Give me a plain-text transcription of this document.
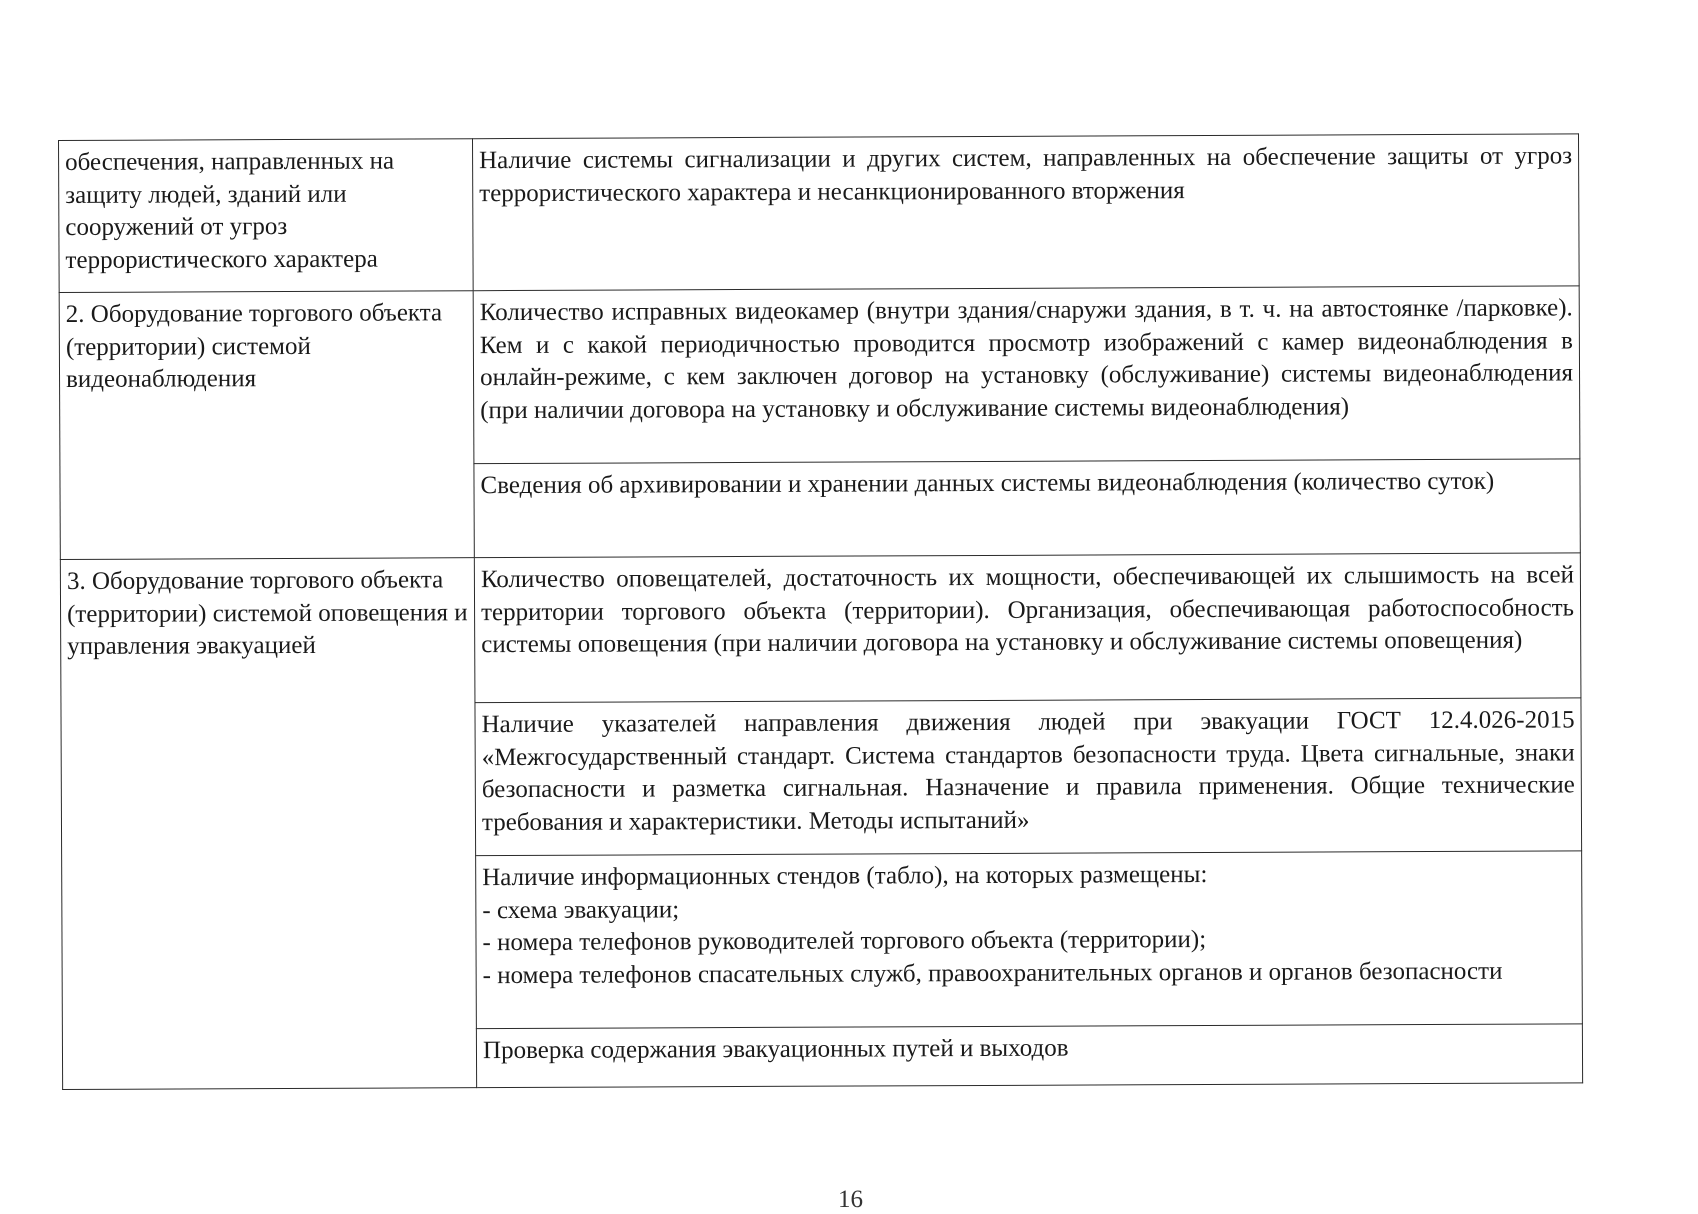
обеспечения, направленных на защиту людей, зданий или сооружений от угроз террористического характера	Наличие системы сигнализации и других систем, направленных на обеспечение защиты от угроз террористического характера и несанкционированного вторжения
2. Оборудование торгового объекта (территории) системой видеонаблюдения	Количество исправных видеокамер (внутри здания/снаружи здания, в т. ч. на автостоянке /парковке). Кем и с какой периодичностью проводится просмотр изображений с камер видеонаблюдения в онлайн-режиме, с кем заключен договор на установку (обслуживание) системы видеонаблюдения (при наличии договора на установку и обслуживание системы видеонаблюдения)
	Сведения об архивировании и хранении данных системы видеонаблюдения (количество суток)
3. Оборудование торгового объекта (территории) системой оповещения и управления эвакуацией	Количество оповещателей, достаточность их мощности, обеспечивающей их слышимость на всей территории торгового объекта (территории). Организация, обеспечивающая работоспособность системы оповещения (при наличии договора на установку и обслуживание системы оповещения)
	Наличие указателей направления движения людей при эвакуации ГОСТ 12.4.026-2015 «Межгосударственный стандарт. Система стандартов безопасности труда. Цвета сигнальные, знаки безопасности и разметка сигнальная. Назначение и правила применения. Общие технические требования и характеристики. Методы испытаний»

	Наличие информационных стендов (табло), на которых размещены:
- схема эвакуации;
- номера телефонов руководителей торгового объекта (территории);
- номера телефонов спасательных служб, правоохранительных органов и органов безопасности

	Проверка содержания эвакуационных путей и выходов
16
